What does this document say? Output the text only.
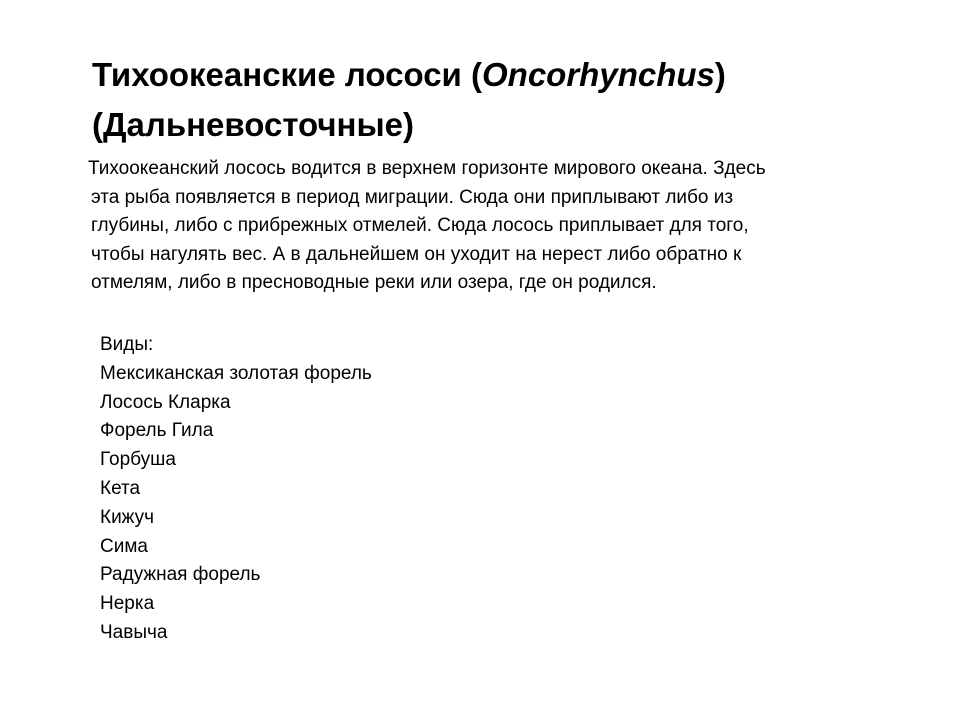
Тихоокеанские лососи (Oncorhynchus)
(Дальневосточные)
Тихоокеанский лосось водится в верхнем горизонте мирового океана. Здесь
эта рыба появляется в период миграции. Сюда они приплывают либо из
глубины, либо с прибрежных отмелей. Сюда лосось приплывает для того,
чтобы нагулять вес. А в дальнейшем он уходит на нерест либо обратно к
отмелям, либо в пресноводные реки или озера, где он родился.
Виды:
Мексиканская золотая форель
Лосось Кларка
Форель Гила
Горбуша
Кета
Кижуч
Сима
Радужная форель
Нерка
Чавыча
